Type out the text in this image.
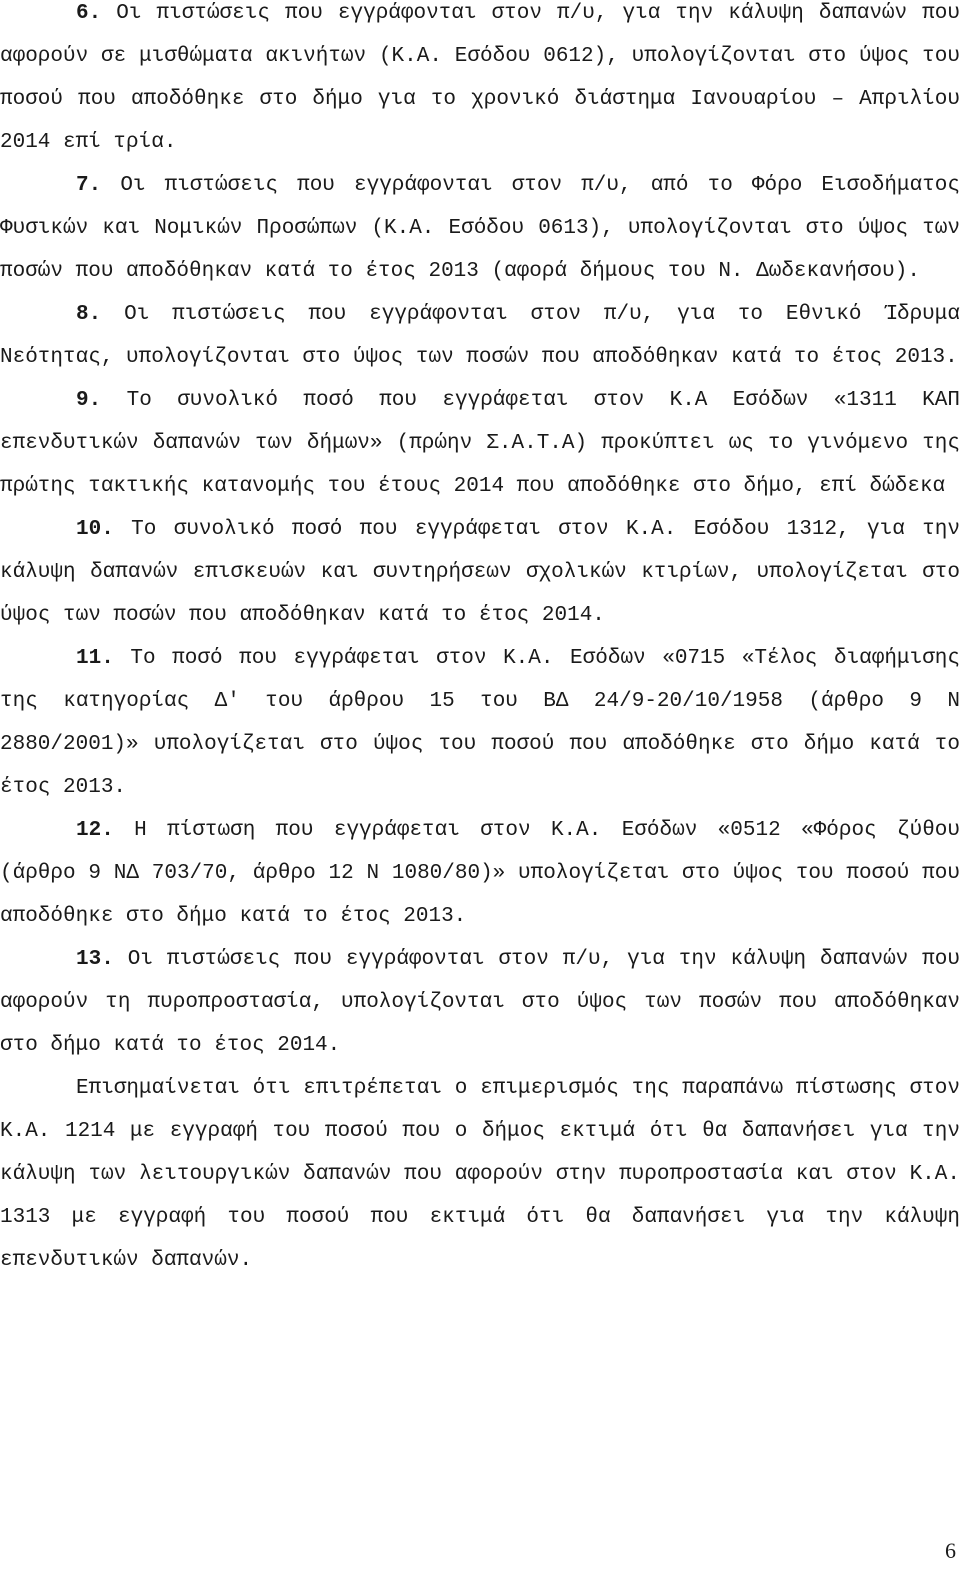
6. Οι πιστώσεις που εγγράφονται στον π/υ, για την κάλυψη δαπανών που αφορούν σε μισθώματα ακινήτων (Κ.Α. Εσόδου 0612), υπολογίζονται στο ύψος του ποσού που αποδόθηκε στο δήμο για το χρονικό διάστημα Ιανουαρίου – Απριλίου 2014 επί τρία.

7. Οι πιστώσεις που εγγράφονται στον π/υ, από το Φόρο Εισοδήματος Φυσικών και Νομικών Προσώπων (Κ.Α. Εσόδου 0613), υπολογίζονται στο ύψος των ποσών που αποδόθηκαν κατά το έτος 2013 (αφορά δήμους του Ν. Δωδεκανήσου).

8. Οι πιστώσεις που εγγράφονται στον π/υ, για το Εθνικό Ίδρυμα Νεότητας, υπολογίζονται στο ύψος των ποσών που αποδόθηκαν κατά το έτος 2013.

9. Το συνολικό ποσό που εγγράφεται στον Κ.Α Εσόδων «1311 ΚΑΠ επενδυτικών δαπανών των δήμων» (πρώην Σ.Α.Τ.Α) προκύπτει ως το γινόμενο της πρώτης τακτικής κατανομής του έτους 2014 που αποδόθηκε στο δήμο, επί δώδεκα

10. Το συνολικό ποσό που εγγράφεται στον Κ.Α. Εσόδου 1312, για την κάλυψη δαπανών επισκευών και συντηρήσεων σχολικών κτιρίων, υπολογίζεται στο ύψος των ποσών που αποδόθηκαν κατά το έτος 2014.

11. Το ποσό που εγγράφεται στον Κ.Α. Εσόδων «0715 «Τέλος διαφήμισης της κατηγορίας Δ' του άρθρου 15 του ΒΔ 24/9-20/10/1958 (άρθρο 9 Ν 2880/2001)» υπολογίζεται στο ύψος του ποσού που αποδόθηκε στο δήμο κατά το έτος 2013.

12. Η πίστωση που εγγράφεται στον Κ.Α. Εσόδων «0512 «Φόρος ζύθου (άρθρο 9 ΝΔ 703/70, άρθρο 12 Ν 1080/80)» υπολογίζεται στο ύψος του ποσού που αποδόθηκε στο δήμο κατά το έτος 2013.

13. Οι πιστώσεις που εγγράφονται στον π/υ, για την κάλυψη δαπανών που αφορούν τη πυροπροστασία, υπολογίζονται στο ύψος των ποσών που αποδόθηκαν στο δήμο κατά το έτος 2014.

Επισημαίνεται ότι επιτρέπεται ο επιμερισμός της παραπάνω πίστωσης στον Κ.Α. 1214 με εγγραφή του ποσού που ο δήμος εκτιμά ότι θα δαπανήσει για την κάλυψη των λειτουργικών δαπανών που αφορούν στην πυροπροστασία και στον Κ.Α. 1313 με εγγραφή του ποσού που εκτιμά ότι θα δαπανήσει για την κάλυψη επενδυτικών δαπανών.

6
